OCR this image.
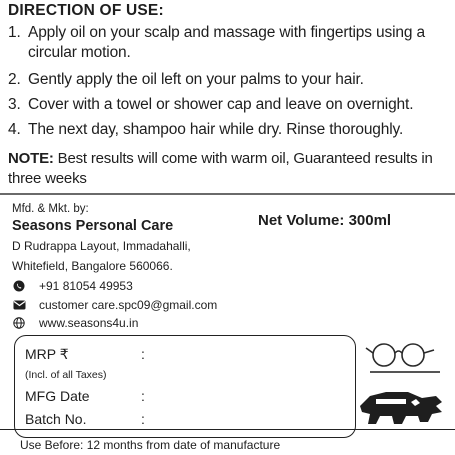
DIRECTION OF USE:
1. Apply oil on your scalp and massage with fingertips using a circular motion.
2. Gently apply the oil left on your palms to your hair.
3. Cover with a towel or shower cap and leave on overnight.
4. The next day, shampoo hair while dry. Rinse thoroughly.
NOTE: Best results will come with warm oil, Guaranteed results in three weeks
Mfd. & Mkt. by:
Seasons Personal Care
D Rudrappa Layout, Immadahalli,
Whitefield, Bangalore 560066.
Net Volume: 300ml
+91 81054 49953
customer care.spc09@gmail.com
www.seasons4u.in
MRP ₹	:
(Incl. of all Taxes)
MFG Date	:
Batch No.	:
Use Before: 12 months from date of manufacture
